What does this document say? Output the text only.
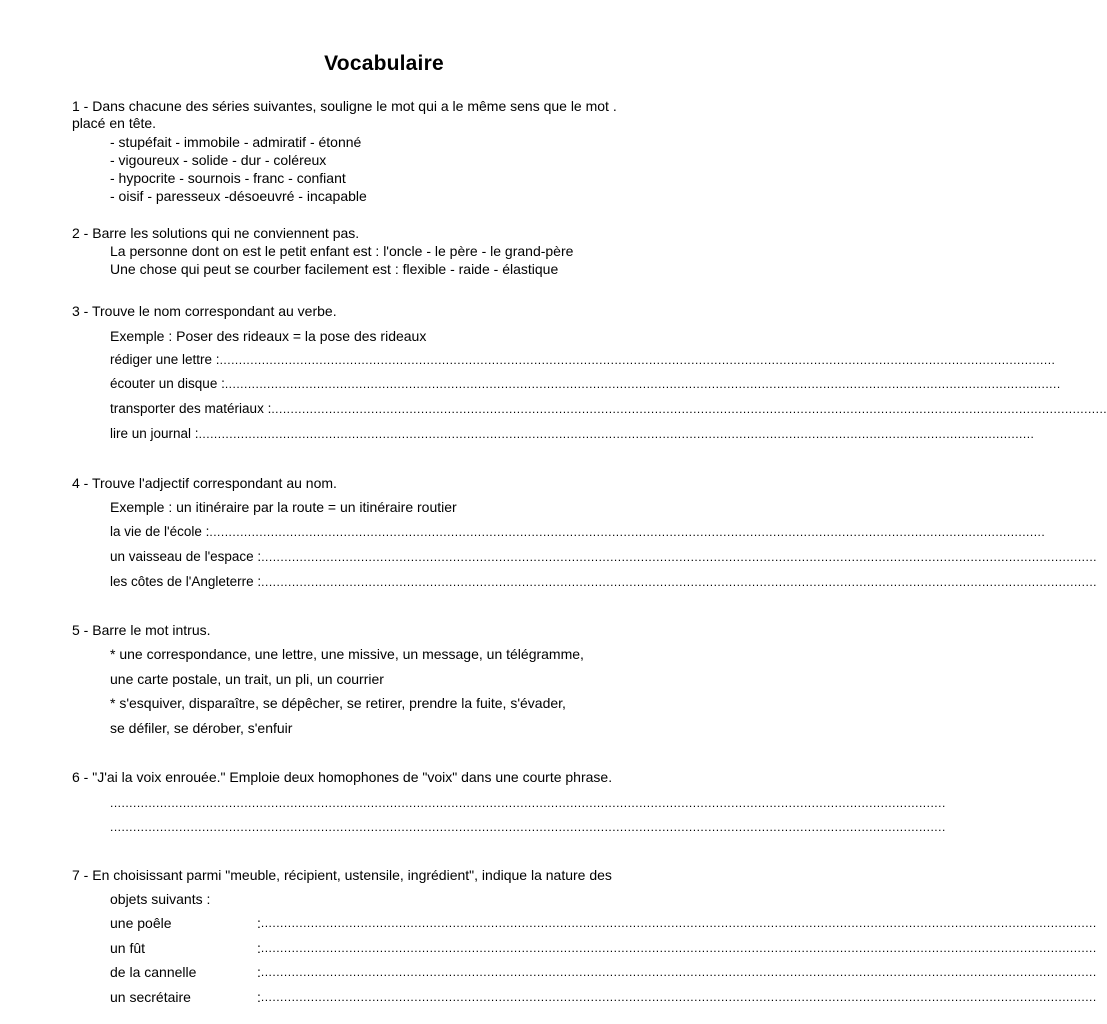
Vocabulaire
1 - Dans chacune des séries suivantes, souligne le mot qui a le même sens que le mot .
placé en tête.
- stupéfait - immobile - admiratif - étonné
- vigoureux - solide - dur - coléreux
- hypocrite - sournois - franc - confiant
- oisif - paresseux -désoeuvré - incapable
2 - Barre les solutions qui ne conviennent pas.
La personne dont on est le petit enfant est : l'oncle - le père - le grand-père
Une chose qui peut se courber facilement est : flexible - raide - élastique
3 - Trouve le nom correspondant au verbe.
Exemple : Poser des rideaux = la pose des rideaux
rédiger une lettre : ..........................................................................................................................................................................................................................
écouter un disque : ..........................................................................................................................................................................................................................
transporter des matériaux : ..........................................................................................................................................................................................................................
lire un journal : ..........................................................................................................................................................................................................................
4 - Trouve l'adjectif correspondant au nom.
Exemple : un itinéraire par la route = un itinéraire routier
la vie de l'école : ..........................................................................................................................................................................................................................
un vaisseau de l'espace : ..........................................................................................................................................................................................................................
les côtes de l'Angleterre : ..........................................................................................................................................................................................................................
5 - Barre le mot intrus.
* une correspondance, une lettre, une missive, un message, un télégramme,
une carte postale, un trait, un pli, un courrier
* s'esquiver, disparaître, se dépêcher, se retirer, prendre la fuite, s'évader,
se défiler, se dérober, s'enfuir
6 - "J'ai la voix enrouée." Emploie deux homophones de "voix" dans une courte phrase.
..........................................................................................................................................................................................................................
..........................................................................................................................................................................................................................
7 - En choisissant parmi "meuble, récipient, ustensile, ingrédient", indique la nature des
objets suivants :
une poêle	: ..........................................................................................................................................................................................................................
un fût	: ..........................................................................................................................................................................................................................
de la cannelle	: ..........................................................................................................................................................................................................................
un secrétaire	: ..........................................................................................................................................................................................................................
